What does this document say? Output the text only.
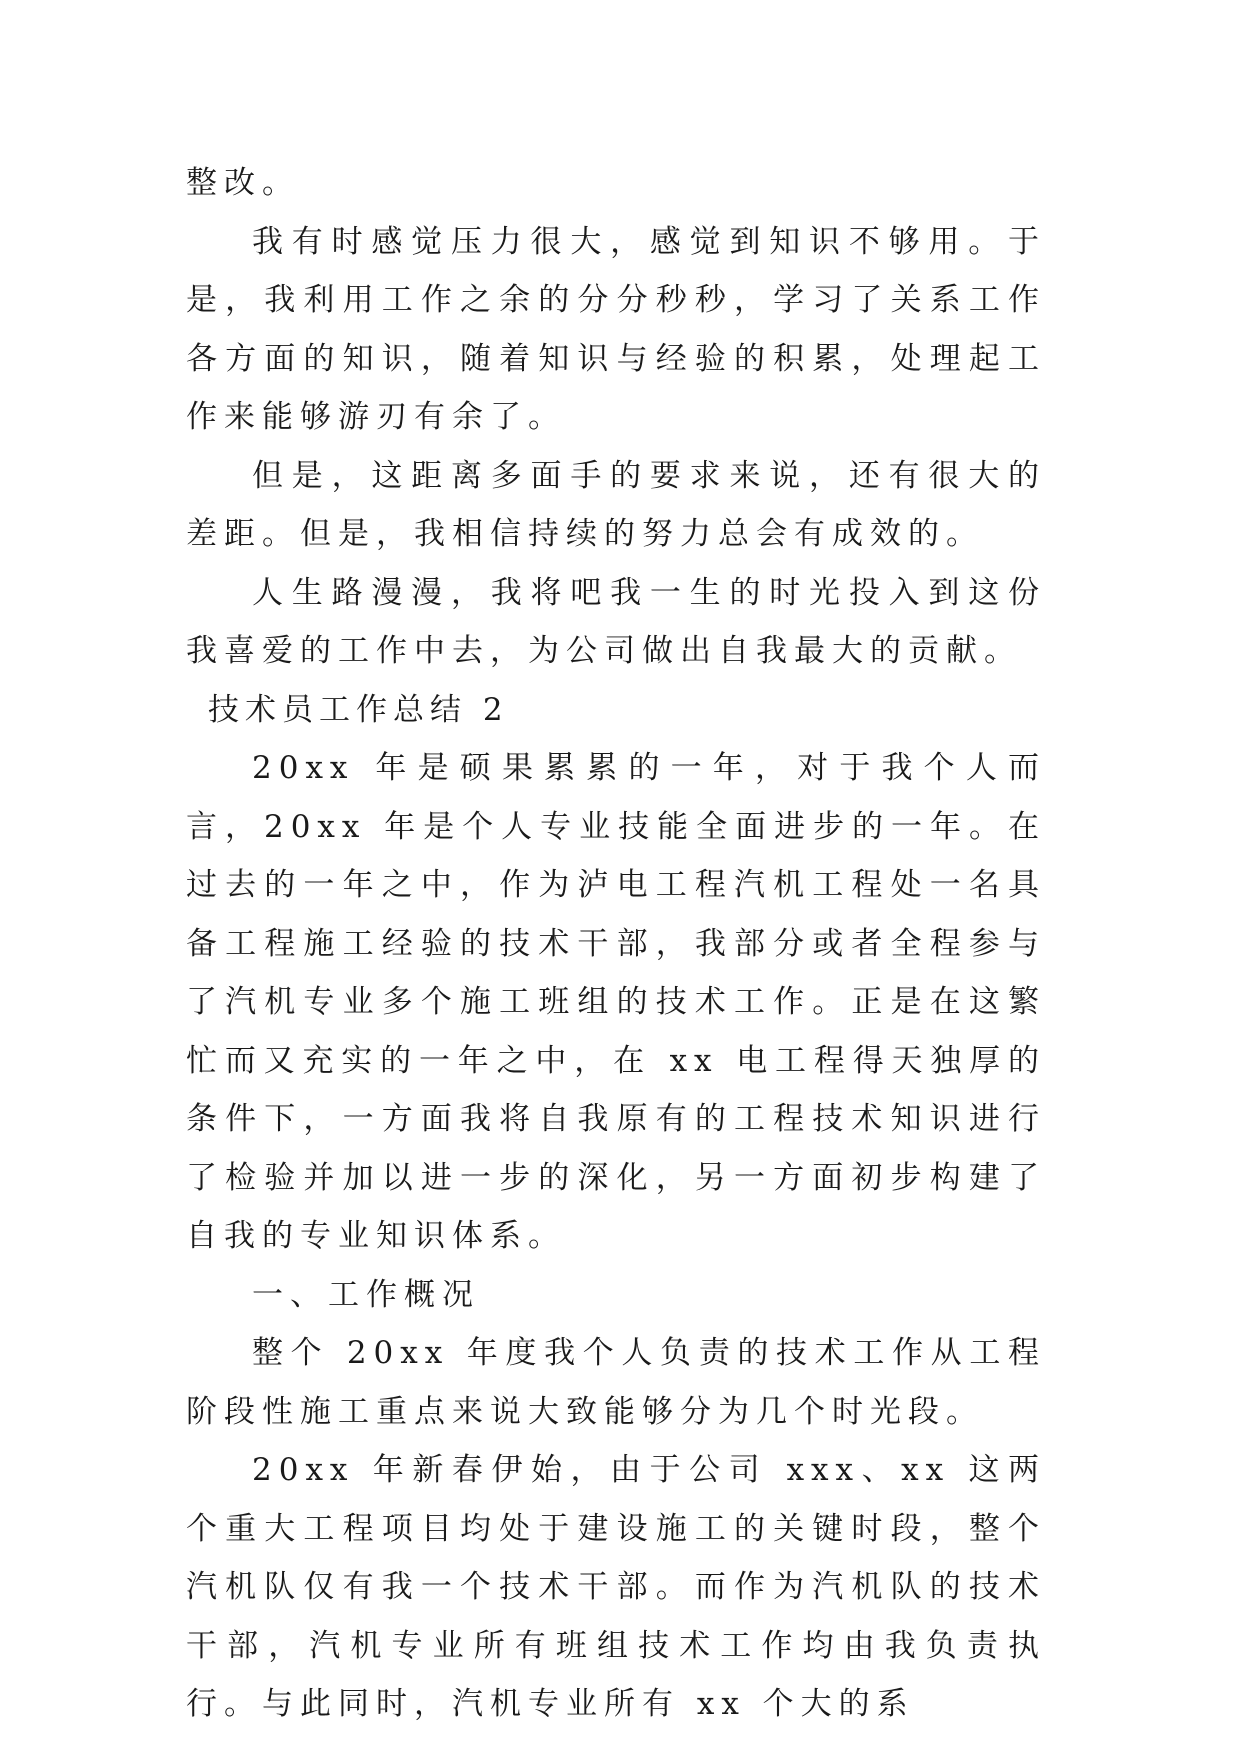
整改。

我有时感觉压力很大，感觉到知识不够用。于是，我利用工作之余的分分秒秒，学习了关系工作各方面的知识，随着知识与经验的积累，处理起工作来能够游刃有余了。

但是，这距离多面手的要求来说，还有很大的差距。但是，我相信持续的努力总会有成效的。

人生路漫漫，我将吧我一生的时光投入到这份我喜爱的工作中去，为公司做出自我最大的贡献。

技术员工作总结 2

20xx 年是硕果累累的一年，对于我个人而言，20xx 年是个人专业技能全面进步的一年。在过去的一年之中，作为泸电工程汽机工程处一名具备工程施工经验的技术干部，我部分或者全程参与了汽机专业多个施工班组的技术工作。正是在这繁忙而又充实的一年之中，在 xx 电工程得天独厚的条件下，一方面我将自我原有的工程技术知识进行了检验并加以进一步的深化，另一方面初步构建了自我的专业知识体系。

一、工作概况

整个 20xx 年度我个人负责的技术工作从工程阶段性施工重点来说大致能够分为几个时光段。

20xx 年新春伊始，由于公司 xxx、xx 这两个重大工程项目均处于建设施工的关键时段，整个汽机队仅有我一个技术干部。而作为汽机队的技术干部，汽机专业所有班组技术工作均由我负责执行。与此同时，汽机专业所有 xx 个大的系
